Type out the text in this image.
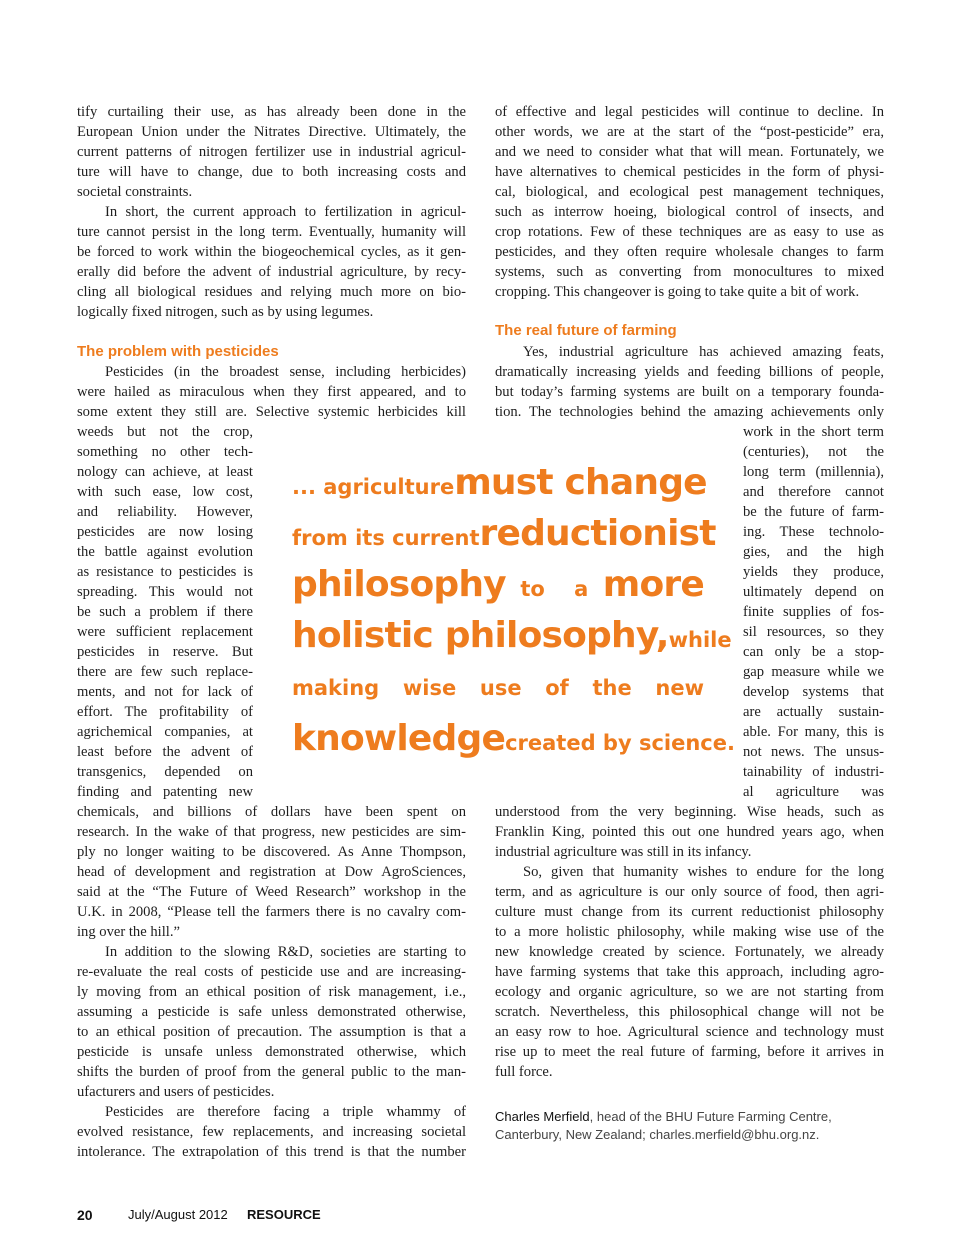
tify curtailing their use, as has already been done in the
European Union under the Nitrates Directive. Ultimately, the
current patterns of nitrogen fertilizer use in industrial agricul-
ture will have to change, due to both increasing costs and
societal constraints.
In short, the current approach to fertilization in agricul-
ture cannot persist in the long term. Eventually, humanity will
be forced to work within the biogeochemical cycles, as it gen-
erally did before the advent of industrial agriculture, by recy-
cling all biological residues and relying much more on bio-
logically fixed nitrogen, such as by using legumes.
The problem with pesticides
Pesticides (in the broadest sense, including herbicides)
were hailed as miraculous when they first appeared, and to
some extent they still are. Selective systemic herbicides kill
weeds but not the crop,
something no other tech-
nology can achieve, at least
with such ease, low cost,
and reliability. However,
pesticides are now losing
the battle against evolution
as resistance to pesticides is
spreading. This would not
be such a problem if there
were sufficient replacement
pesticides in reserve. But
there are few such replace-
ments, and not for lack of
effort. The profitability of
agrichemical companies, at
least before the advent of
transgenics, depended on
finding and patenting new
chemicals, and billions of dollars have been spent on
research. In the wake of that progress, new pesticides are sim-
ply no longer waiting to be discovered. As Anne Thompson,
head of development and registration at Dow AgroSciences,
said at the “The Future of Weed Research” workshop in the
U.K. in 2008, “Please tell the farmers there is no cavalry com-
ing over the hill.”
In addition to the slowing R&D, societies are starting to
re-evaluate the real costs of pesticide use and are increasing-
ly moving from an ethical position of risk management, i.e.,
assuming a pesticide is safe unless demonstrated otherwise,
to an ethical position of precaution. The assumption is that a
pesticide is unsafe unless demonstrated otherwise, which
shifts the burden of proof from the general public to the man-
ufacturers and users of pesticides.
Pesticides are therefore facing a triple whammy of
evolved resistance, few replacements, and increasing societal
intolerance. The extrapolation of this trend is that the number
of effective and legal pesticides will continue to decline. In
other words, we are at the start of the “post-pesticide” era,
and we need to consider what that will mean. Fortunately, we
have alternatives to chemical pesticides in the form of physi-
cal, biological, and ecological pest management techniques,
such as interrow hoeing, biological control of insects, and
crop rotations. Few of these techniques are as easy to use as
pesticides, and they often require wholesale changes to farm
systems, such as converting from monocultures to mixed
cropping. This changeover is going to take quite a bit of work.
The real future of farming
Yes, industrial agriculture has achieved amazing feats,
dramatically increasing yields and feeding billions of people,
but today’s farming systems are built on a temporary founda-
tion. The technologies behind the amazing achievements only
work in the short term
(centuries), not the
long term (millennia),
and therefore cannot
be the future of farm-
ing. These technolo-
gies, and the high
yields they produce,
ultimately depend on
finite supplies of fos-
sil resources, so they
can only be a stop-
gap measure while we
develop systems that
are actually sustain-
able. For many, this is
not news. The unsus-
tainability of industri-
al agriculture was
understood from the very beginning. Wise heads, such as
Franklin King, pointed this out one hundred years ago, when
industrial agriculture was still in its infancy.
So, given that humanity wishes to endure for the long
term, and as agriculture is our only source of food, then agri-
culture must change from its current reductionist philosophy
to a more holistic philosophy, while making wise use of the
new knowledge created by science. Fortunately, we already
have farming systems that take this approach, including agro-
ecology and organic agriculture, so we are not starting from
scratch. Nevertheless, this philosophical change will not be
an easy row to hoe. Agricultural science and technology must
rise up to meet the real future of farming, before it arrives in
full force.
Charles Merfield, head of the BHU Future Farming Centre,
Canterbury, New Zealand; charles.merfield@bhu.org.nz.
... agriculture must change
from its current reductionist
philosophy to a more
holistic philosophy, while
making wise use of the new
knowledge created by science.
20	July/August 2012 RESOURCE
